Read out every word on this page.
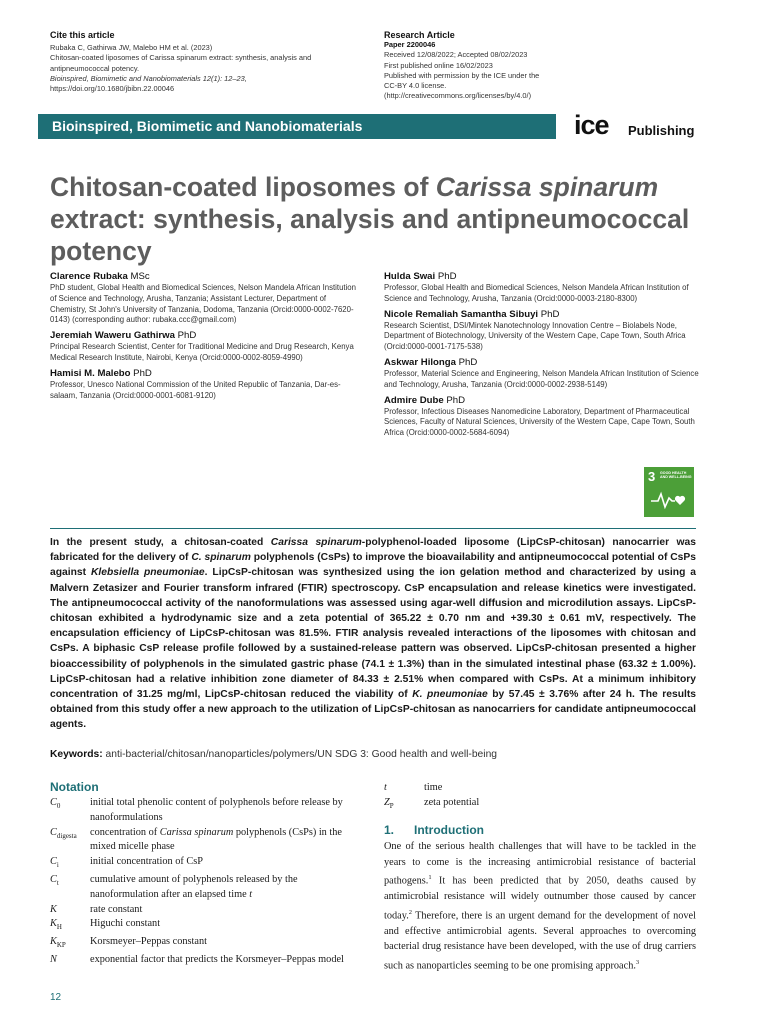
Cite this article
Rubaka C, Gathirwa JW, Malebo HM et al. (2023)
Chitosan-coated liposomes of Carissa spinarum extract: synthesis, analysis and
antipneumococcal potency.
Bioinspired, Biomimetic and Nanobiomaterials 12(1): 12–23,
https://doi.org/10.1680/jbibn.22.00046
Research Article
Paper 2200046
Received 12/08/2022; Accepted 08/02/2023
First published online 16/02/2023
Published with permission by the ICE under the
CC-BY 4.0 license.
(http://creativecommons.org/licenses/by/4.0/)
Bioinspired, Biomimetic and Nanobiomaterials	ice Publishing
Chitosan-coated liposomes of Carissa spinarum extract: synthesis, analysis and antipneumococcal potency
Clarence Rubaka MSc
PhD student, Global Health and Biomedical Sciences, Nelson Mandela African Institution of Science and Technology, Arusha, Tanzania; Assistant Lecturer, Department of Chemistry, St John's University of Tanzania, Dodoma, Tanzania (Orcid:0000-0002-7620-0143) (corresponding author: rubaka.ccc@gmail.com)
Jeremiah Waweru Gathirwa PhD
Principal Research Scientist, Center for Traditional Medicine and Drug Research, Kenya Medical Research Institute, Nairobi, Kenya (Orcid:0000-0002-8059-4990)
Hamisi M. Malebo PhD
Professor, Unesco National Commission of the United Republic of Tanzania, Dar-es-salaam, Tanzania (Orcid:0000-0001-6081-9120)
Hulda Swai PhD
Professor, Global Health and Biomedical Sciences, Nelson Mandela African Institution of Science and Technology, Arusha, Tanzania (Orcid:0000-0003-2180-8300)
Nicole Remaliah Samantha Sibuyi PhD
Research Scientist, DSI/Mintek Nanotechnology Innovation Centre – Biolabels Node, Department of Biotechnology, University of the Western Cape, Cape Town, South Africa (Orcid:0000-0001-7175-538)
Askwar Hilonga PhD
Professor, Material Science and Engineering, Nelson Mandela African Institution of Science and Technology, Arusha, Tanzania (Orcid:0000-0002-2938-5149)
Admire Dube PhD
Professor, Infectious Diseases Nanomedicine Laboratory, Department of Pharmaceutical Sciences, Faculty of Natural Sciences, University of the Western Cape, Cape Town, South Africa (Orcid:0000-0002-5684-6094)
3 GOOD HEALTH AND WELL-BEING
In the present study, a chitosan-coated Carissa spinarum-polyphenol-loaded liposome (LipCsP-chitosan) nanocarrier was fabricated for the delivery of C. spinarum polyphenols (CsPs) to improve the bioavailability and antipneumococcal potential of CsPs against Klebsiella pneumoniae. LipCsP-chitosan was synthesized using the ion gelation method and characterized by using a Malvern Zetasizer and Fourier transform infrared (FTIR) spectroscopy. CsP encapsulation and release kinetics were investigated. The antipneumococcal activity of the nanoformulations was assessed using agar-well diffusion and microdilution assays. LipCsP-chitosan exhibited a hydrodynamic size and a zeta potential of 365.22 ± 0.70 nm and +39.30 ± 0.61 mV, respectively. The encapsulation efficiency of LipCsP-chitosan was 81.5%. FTIR analysis revealed interactions of the liposomes with chitosan and CsPs. A biphasic CsP release profile followed by a sustained-release pattern was observed. LipCsP-chitosan presented a higher bioaccessibility of polyphenols in the simulated gastric phase (74.1 ± 1.3%) than in the simulated intestinal phase (63.32 ± 1.00%). LipCsP-chitosan had a relative inhibition zone diameter of 84.33 ± 2.51% when compared with CsPs. At a minimum inhibitory concentration of 31.25 mg/ml, LipCsP-chitosan reduced the viability of K. pneumoniae by 57.45 ± 3.76% after 24 h. The results obtained from this study offer a new approach to the utilization of LipCsP-chitosan as nanocarriers for candidate antipneumococcal agents.
Keywords: anti-bacterial/chitosan/nanoparticles/polymers/UN SDG 3: Good health and well-being
Notation
$C_0$	initial total phenolic content of polyphenols before release by nanoformulations
$C_{digesta}$	concentration of Carissa spinarum polyphenols (CsPs) in the mixed micelle phase
$C_i$	initial concentration of CsP
$C_t$	cumulative amount of polyphenols released by the nanoformulation after an elapsed time t
K	rate constant
$K_H$	Higuchi constant
$K_{KP}$	Korsmeyer–Peppas constant
N	exponential factor that predicts the Korsmeyer–Peppas model
t	time
$Z_P$	zeta potential
1. Introduction

One of the serious health challenges that will have to be tackled in the years to come is the increasing antimicrobial resistance of bacterial pathogens.$^1$ It has been predicted that by 2050, deaths caused by antimicrobial resistance will widely outnumber those caused by cancer today.$^2$ Therefore, there is an urgent demand for the development of novel and effective antimicrobial agents. Several approaches to overcoming bacterial drug resistance have been developed, with the use of drug carriers such as nanoparticles seeming to be one promising approach.$^3$

12
